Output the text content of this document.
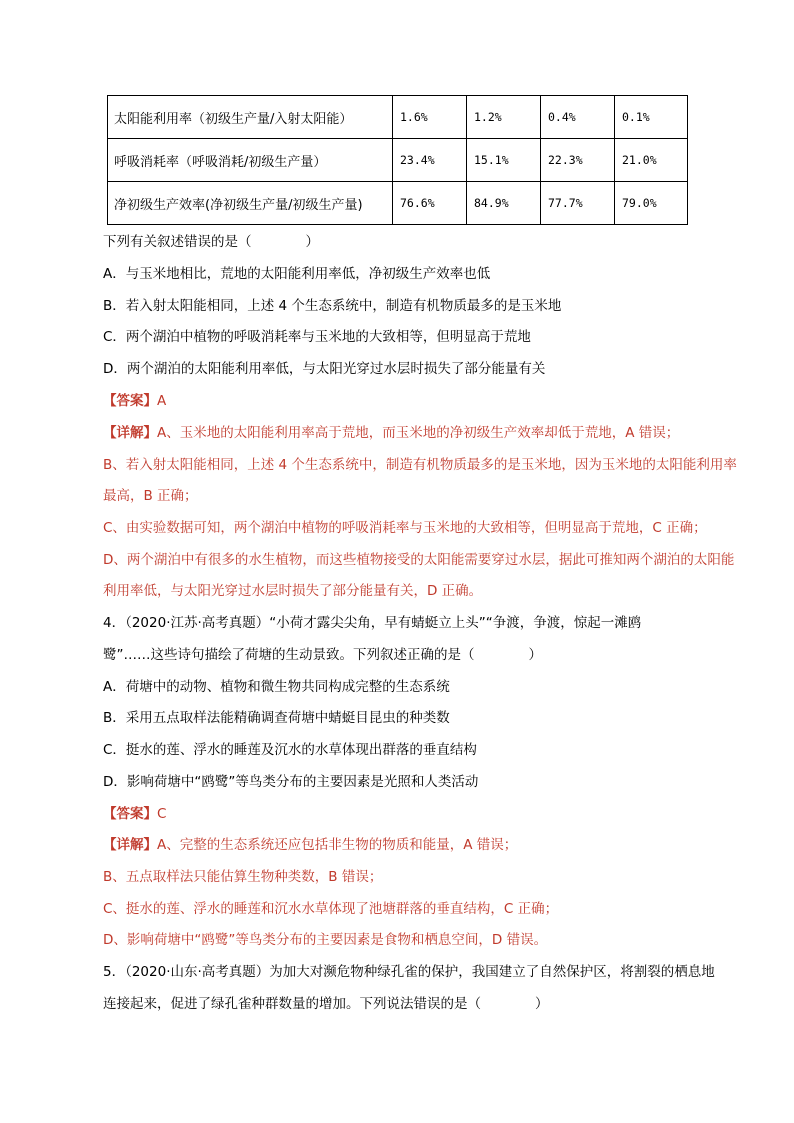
太阳能利用率（初级生产量/入射太阳能）	1.6%	1.2%	0.4%	0.1%
呼吸消耗率（呼吸消耗/初级生产量）	23.4%	15.1%	22.3%	21.0%
净初级生产效率(净初级生产量/初级生产量)	76.6%	84.9%	77.7%	79.0%
下列有关叙述错误的是（　　　　）
A．与玉米地相比，荒地的太阳能利用率低，净初级生产效率也低
B．若入射太阳能相同，上述 4 个生态系统中，制造有机物质最多的是玉米地
C．两个湖泊中植物的呼吸消耗率与玉米地的大致相等，但明显高于荒地
D．两个湖泊的太阳能利用率低，与太阳光穿过水层时损失了部分能量有关
【答案】A
【详解】A、玉米地的太阳能利用率高于荒地，而玉米地的净初级生产效率却低于荒地，A 错误；
B、若入射太阳能相同，上述 4 个生态系统中，制造有机物质最多的是玉米地，因为玉米地的太阳能利用率
最高，B 正确；
C、由实验数据可知，两个湖泊中植物的呼吸消耗率与玉米地的大致相等，但明显高于荒地，C 正确；
D、两个湖泊中有很多的水生植物，而这些植物接受的太阳能需要穿过水层，据此可推知两个湖泊的太阳能
利用率低，与太阳光穿过水层时损失了部分能量有关，D 正确。
4．（2020·江苏·高考真题）“小荷才露尖尖角，早有蜻蜓立上头”“争渡，争渡，惊起一滩鸥
鹭”……这些诗句描绘了荷塘的生动景致。下列叙述正确的是（　　　　）
A．荷塘中的动物、植物和微生物共同构成完整的生态系统
B．采用五点取样法能精确调查荷塘中蜻蜓目昆虫的种类数
C．挺水的莲、浮水的睡莲及沉水的水草体现出群落的垂直结构
D．影响荷塘中“鸥鹭”等鸟类分布的主要因素是光照和人类活动
【答案】C
【详解】A、完整的生态系统还应包括非生物的物质和能量，A 错误；
B、五点取样法只能估算生物种类数，B 错误；
C、挺水的莲、浮水的睡莲和沉水水草体现了池塘群落的垂直结构，C 正确；
D、影响荷塘中“鸥鹭”等鸟类分布的主要因素是食物和栖息空间，D 错误。
5．（2020·山东·高考真题）为加大对濒危物种绿孔雀的保护，我国建立了自然保护区，将割裂的栖息地
连接起来，促进了绿孔雀种群数量的增加。下列说法错误的是（　　　　）
